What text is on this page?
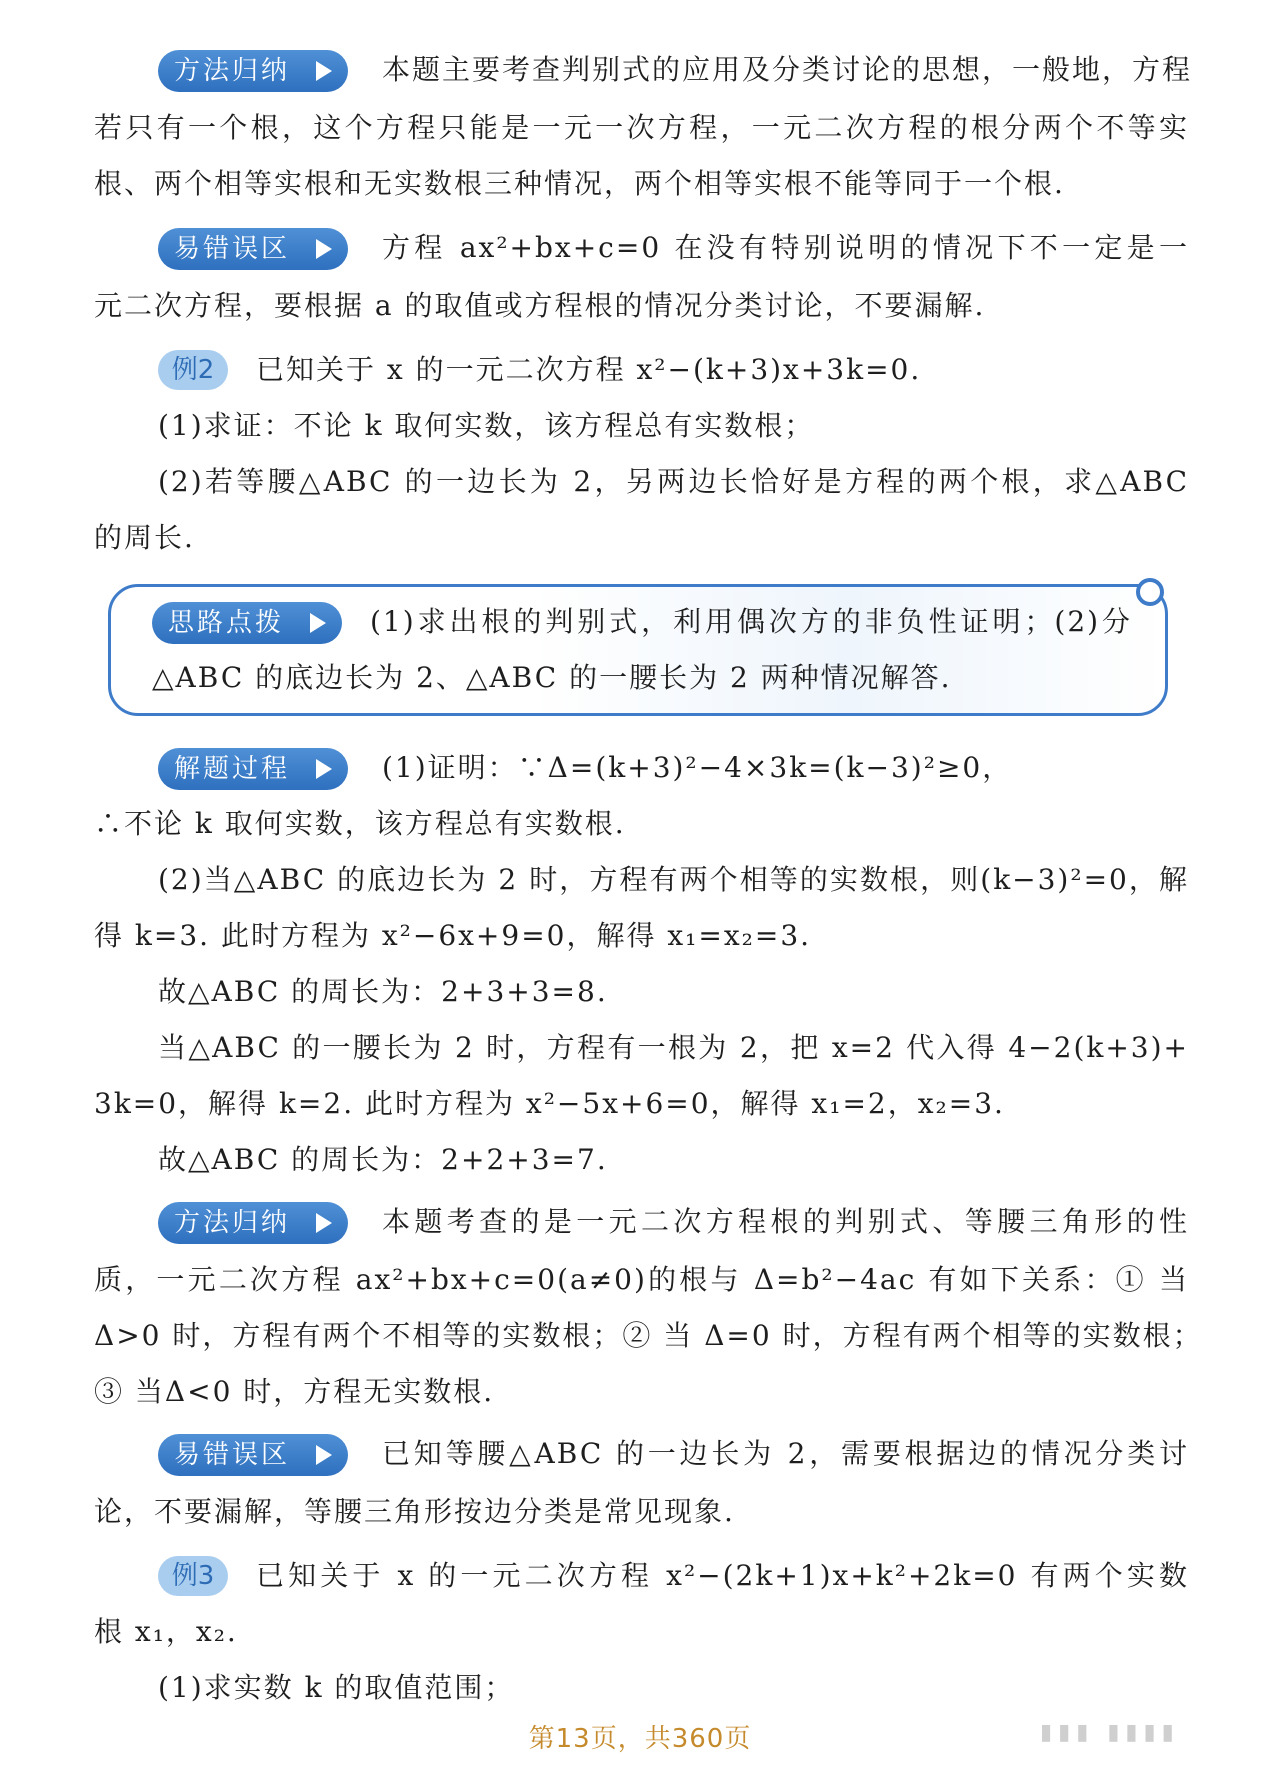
方法归纳	本题主要考查判别式的应用及分类讨论的思想，一般地，方程
若只有一个根，这个方程只能是一元一次方程，一元二次方程的根分两个不等实
根、两个相等实根和无实数根三种情况，两个相等实根不能等同于一个根.
易错误区	方程 ax²+bx+c=0 在没有特别说明的情况下不一定是一
元二次方程，要根据 a 的取值或方程根的情况分类讨论，不要漏解.
例2	已知关于 x 的一元二次方程 x²−(k+3)x+3k=0.
(1)求证：不论 k 取何实数，该方程总有实数根；
(2)若等腰△ABC 的一边长为 2，另两边长恰好是方程的两个根，求△ABC
的周长.
思路点拨	(1)求出根的判别式，利用偶次方的非负性证明；(2)分
△ABC 的底边长为 2、△ABC 的一腰长为 2 两种情况解答.
解题过程	(1)证明：∵Δ=(k+3)²−4×3k=(k−3)²≥0，
∴不论 k 取何实数，该方程总有实数根.
(2)当△ABC 的底边长为 2 时，方程有两个相等的实数根，则(k−3)²=0，解
得 k=3. 此时方程为 x²−6x+9=0，解得 x₁=x₂=3.
故△ABC 的周长为：2+3+3=8.
当△ABC 的一腰长为 2 时，方程有一根为 2，把 x=2 代入得 4−2(k+3)+
3k=0，解得 k=2. 此时方程为 x²−5x+6=0，解得 x₁=2，x₂=3.
故△ABC 的周长为：2+2+3=7.
方法归纳	本题考查的是一元二次方程根的判别式、等腰三角形的性
质，一元二次方程 ax²+bx+c=0(a≠0)的根与 Δ=b²−4ac 有如下关系：① 当
Δ>0 时，方程有两个不相等的实数根；② 当 Δ=0 时，方程有两个相等的实数根；
③ 当Δ<0 时，方程无实数根.
易错误区	已知等腰△ABC 的一边长为 2，需要根据边的情况分类讨
论，不要漏解，等腰三角形按边分类是常见现象.
例3	已知关于 x 的一元二次方程 x²−(2k+1)x+k²+2k=0 有两个实数
根 x₁，x₂.
(1)求实数 k 的取值范围；
第13页，共360页	▮▮▮ ▮▮▮▮
